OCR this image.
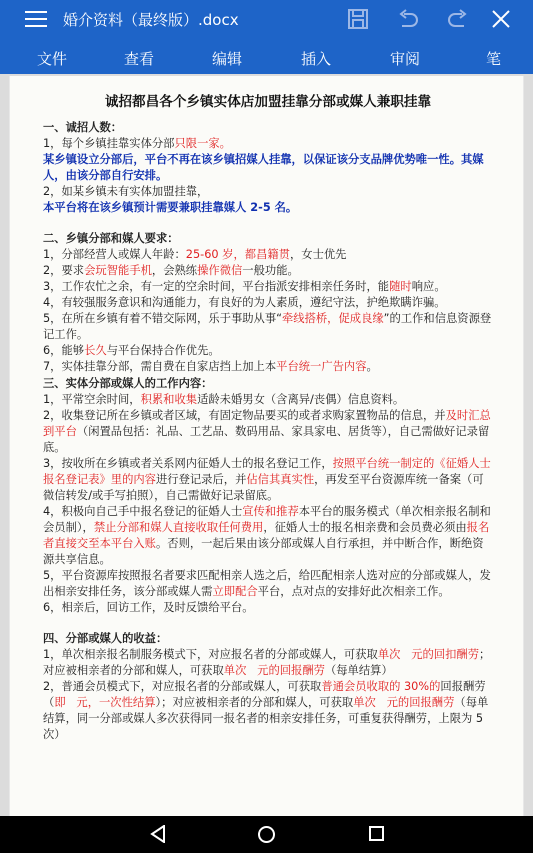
婚介资料（最终版）.docx
文件	查看	编辑	插入	审阅	笔
诚招都昌各个乡镇实体店加盟挂靠分部或媒人兼职挂靠
一、诚招人数：

1，每个乡镇挂靠实体分部只限一家。

某乡镇设立分部后，平台不再在该乡镇招媒人挂靠，以保证该分支品牌优势唯一性。其媒人，由该分部自行安排。

2，如某乡镇未有实体加盟挂靠，

本平台将在该乡镇预计需要兼职挂靠媒人 2-5 名。

二、乡镇分部和媒人要求：

1，分部经营人或媒人年龄：25-60 岁，都昌籍贯，女士优先

2，要求会玩智能手机，会熟练操作微信一般功能。

3，工作农忙之余，有一定的空余时间，平台指派安排相亲任务时，能随时响应。

4，有较强服务意识和沟通能力，有良好的为人素质，遵纪守法，护绝欺瞒诈骗。

5，在所在乡镇有着不错交际网，乐于事助从事“牵线搭桥，促成良缘”的工作和信息资源登记工作。

6，能够长久与平台保持合作优先。

7，实体挂靠分部，需自费在自家店挡上加上本平台统一广告内容。

三、实体分部或媒人的工作内容：

1，平常空余时间，积累和收集适龄未婚男女（含离异/丧偶）信息资料。

2，收集登记所在乡镇或者区域，有固定物品要买的或者求购家置物品的信息，并及时汇总到平台（闲置品包括：礼品、工艺品、数码用品、家具家电、居货等），自己需做好记录留底。

3，按收所在乡镇或者关系网内征婚人士的报名登记工作，按照平台统一制定的《征婚人士报名登记表》里的内容进行登记录后，并佔信其真实性，再发至平台资源库统一备案（可微信转发/或手写拍照），自己需做好记录留底。

4，积极向自己手中报名登记的征婚人士宣传和推荐本平台的服务模式（单次相亲报名制和会员制），禁止分部和媒人直接收取任何费用，征婚人士的报名相亲费和会员费必须由报名者直接交至本平台入账。否则，一起后果由该分部或媒人自行承担，并中断合作，断绝资源共享信息。

5，平台资源库按照报名者要求匹配相亲人选之后，给匹配相亲人选对应的分部或媒人，发出相亲安排任务，该分部或媒人需立即配合平台，点对点的安排好此次相亲工作。

6，相亲后，回访工作，及时反馈给平台。

四、分部或媒人的收益：

1，单次相亲报名制服务模式下，对应报名者的分部或媒人，可获取单次 元的回扣酬劳；对应被相亲者的分部和媒人，可获取单次 元的回报酬劳（每单结算）

2，普通会员模式下，对应报名者的分部或媒人，可获取普通会员收取的 30%的回报酬劳（即 元，一次性结算）；对应被相亲者的分部和媒人，可获取单次 元的回报酬劳（每单结算，同一分部或媒人多次获得同一报名者的相亲安排任务，可重复获得酬劳，上限为 5 次）
